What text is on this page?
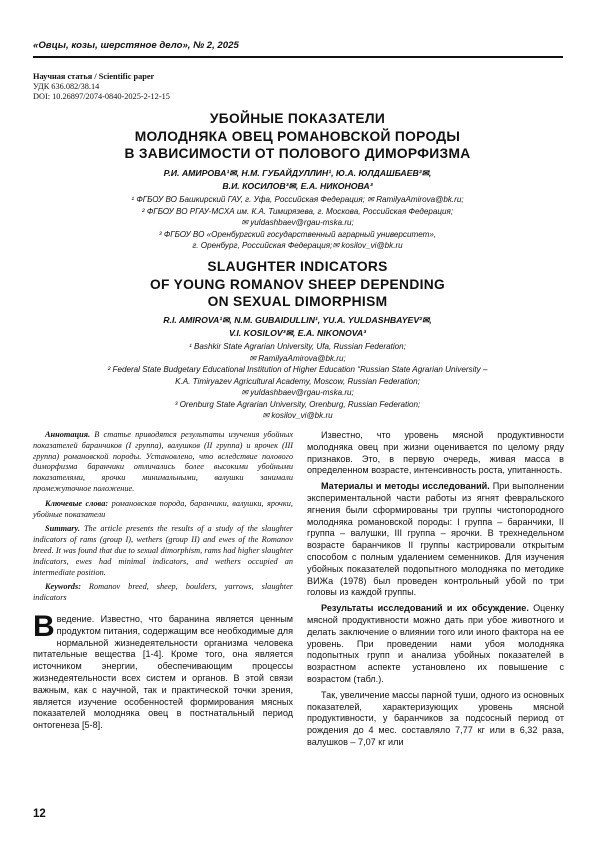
«Овцы, козы, шерстяное дело», № 2, 2025
Научная статья / Scientific paper
УДК 636.082/38.14
DOI: 10.26897/2074-0840-2025-2-12-15
УБОЙНЫЕ ПОКАЗАТЕЛИ
МОЛОДНЯКА ОВЕЦ РОМАНОВСКОЙ ПОРОДЫ
В ЗАВИСИМОСТИ ОТ ПОЛОВОГО ДИМОРФИЗМА
Р.И. АМИРОВА¹✉, Н.М. ГУБАЙДУЛЛИН¹, Ю.А. ЮЛДАШБАЕВ²✉,
В.И. КОСИЛОВ³✉, Е.А. НИКОНОВА³
¹ ФГБОУ ВО Башкирский ГАУ, г. Уфа, Российская Федерация; ✉ RamilyaAmirova@bk.ru;
² ФГБОУ ВО РГАУ-МСХА им. К.А. Тимирязева, г. Москова, Российская Федерация;
✉ yuldashbaev@rgau-mska.ru;
³ ФГБОУ ВО «Оренбургский государственный аграрный университет»,
г. Оренбург, Российская Федерация;✉ kosilov_vi@bk.ru
SLAUGHTER INDICATORS
OF YOUNG ROMANOV SHEEP DEPENDING
ON SEXUAL DIMORPHISM
R.I. AMIROVA¹✉, N.M. GUBAIDULLIN¹, YU.A. YULDASHBAYEV²✉,
V.I. KOSILOV³✉, E.A. NIKONOVA³
¹ Bashkir State Agrarian University, Ufa, Russian Federation;
✉ RamilyaAmirova@bk.ru;
² Federal State Budgetary Educational Institution of Higher Education “Russian State Agrarian University –
K.A. Timiryazev Agricultural Academy, Moscow, Russian Federation;
✉ yuldashbaev@rgau-mska.ru;
³ Orenburg State Agrarian University, Orenburg, Russian Federation;
✉ kosilov_vi@bk.ru

Аннотация. В статье приводятся результаты изучения убойных показателей баранчиков (I группа), валушков (II группа) и ярочек (III группа) романовской породы. Установлено, что вследствие полового диморфизма баранчики отличались более высокими убойными показателями, ярочки минимальными, валушки занимали промежуточное положение.

Ключевые слова: романовская порода, баранчики, валушки, ярочки, убойные показатели

Summary. The article presents the results of a study of the slaughter indicators of rams (group I), wethers (group II) and ewes of the Romanov breed. It was found that due to sexual dimorphism, rams had higher slaughter indicators, ewes had minimal indicators, and wethers occupied an intermediate position.

Keywords: Romanov breed, sheep, boulders, yarrows, slaughter indicators

Введение. Известно, что баранина является ценным продуктом питания, содержащим все необходимые для нормальной жизнедеятельности организма человека питательные вещества [1-4]. Кроме того, она является источником энергии, обеспечивающим процессы жизнедеятельности всех систем и органов. В этой связи важным, как с научной, так и практической точки зрения, является изучение особенностей формирования мясных показателей молодняка овец в постнатальный период онтогенеза [5-8].

Известно, что уровень мясной продуктивности молодняка овец при жизни оценивается по целому ряду признаков. Это, в первую очередь, живая масса в определенном возрасте, интенсивность роста, упитанность.

Материалы и методы исследований. При выполнении экспериментальной части работы из ягнят февральского ягнения были сформированы три группы чистопородного молодняка романовской породы: I группа – баранчики, II группа – валушки, III группа – ярочки. В трехнедельном возрасте баранчиков II группы кастрировали открытым способом с полным удалением семенников. Для изучения убойных показателей подопытного молодняка по методике ВИЖа (1978) был проведен контрольный убой по три головы из каждой группы.

Результаты исследований и их обсуждение. Оценку мясной продуктивности можно дать при убое животного и делать заключение о влиянии того или иного фактора на ее уровень. При проведении нами убоя молодняка подопытных групп и анализа убойных показателей в возрастном аспекте установлено их повышение с возрастом (табл.).

Так, увеличение массы парной туши, одного из основных показателей, характеризующих уровень мясной продуктивности, у баранчиков за подсосный период от рождения до 4 мес. составляло 7,77 кг или в 6,32 раза, валушков – 7,07 кг или

12
